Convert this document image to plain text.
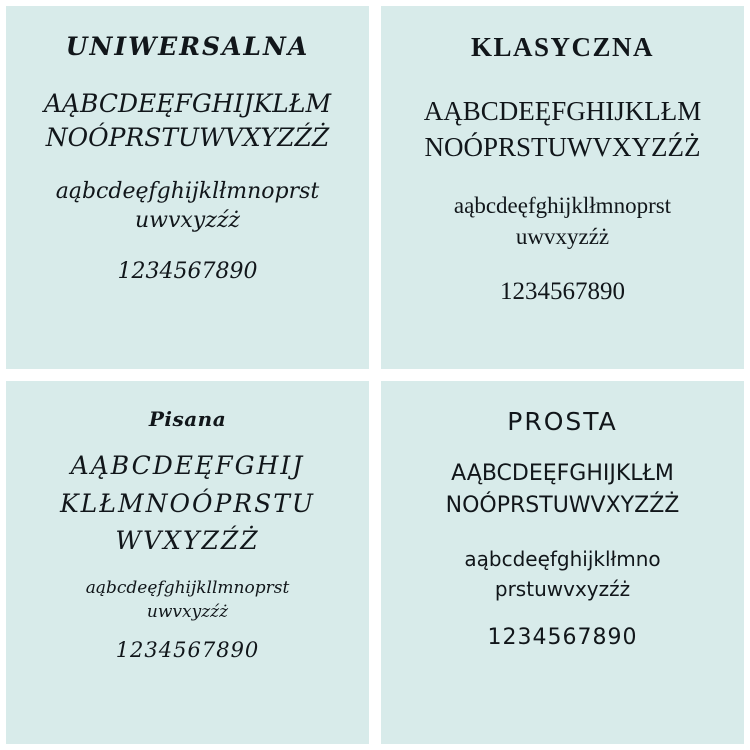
UNIWERSALNA
AĄBCDEĘFGHIJKLŁM
NOÓPRSTUWVXYZŹŻ
aąbcdeęfghijklłmnoprst
uwvxyzźż
1234567890
KLASYCZNA
AĄBCDEĘFGHIJKLŁM
NOÓPRSTUWVXYZŹŻ
aąbcdeęfghijklłmnoprst
uwvxyzźż
1234567890
Pisana
AĄBCDEĘFGHIJ
KLŁMNOÓPRSTU
WVXYZŹŻ
aąbcdeęfghijkllmnoprst
uwvxyzźż
1234567890
PROSTA
AĄBCDEĘFGHIJKLŁM
NOÓPRSTUWVXYZŹŻ
aąbcdeęfghijklłmno
prstuwvxyzźż
1234567890
